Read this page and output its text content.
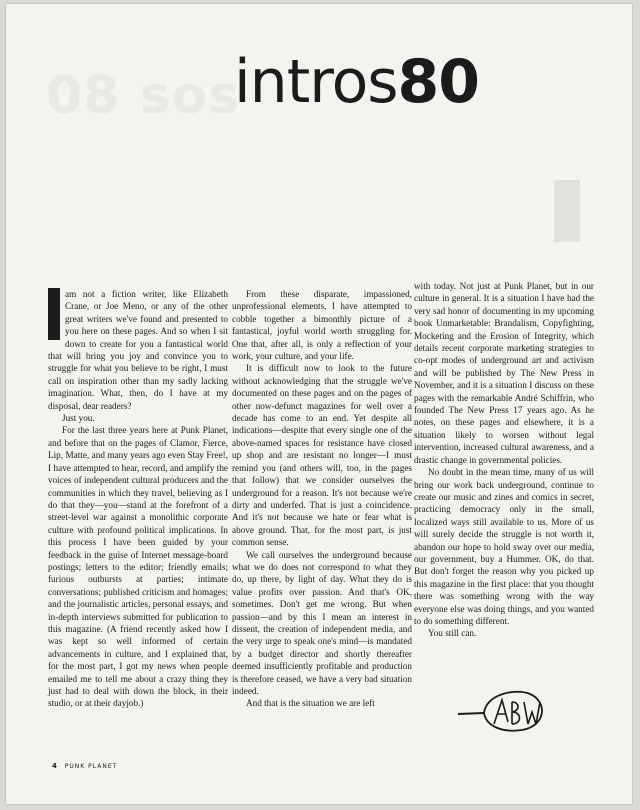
08 sos
intros80

am not a fiction writer, like Elizabeth Crane, or Joe Meno, or any of the other great writers we've found and presented to you here on these pages. And so when I sit down to create for you a fantastical world that will bring you joy and convince you to struggle for what you believe to be right, I must call on inspiration other than my sadly lacking imagination. What, then, do I have at my disposal, dear readers?

Just you.

For the last three years here at Punk Planet, and before that on the pages of Clamor, Fierce, Lip, Matte, and many years ago even Stay Free!, I have attempted to hear, record, and amplify the voices of independent cultural producers and the communities in which they travel, believing as I do that they—you—stand at the forefront of a street-level war against a monolithic corporate culture with profound political implications. In this process I have been guided by your feedback in the guise of Internet message-board postings; letters to the editor; friendly emails; furious outbursts at parties; intimate conversations; published criticism and homages; and the journalistic articles, personal essays, and in-depth interviews submitted for publication to this magazine. (A friend recently asked how I was kept so well informed of certain advancements in culture, and I explained that, for the most part, I got my news when people emailed me to tell me about a crazy thing they just had to deal with down the block, in their studio, or at their dayjob.)

From these disparate, impassioned, unprofessional elements, I have attempted to cobble together a bimonthly picture of a fantastical, joyful world worth struggling for. One that, after all, is only a reflection of your work, your culture, and your life.

It is difficult now to look to the future without acknowledging that the struggle we've documented on these pages and on the pages of other now-defunct magazines for well over a decade has come to an end. Yet despite all indications—despite that every single one of the above-named spaces for resistance have closed up shop and are resistant no longer—I must remind you (and others will, too, in the pages that follow) that we consider ourselves the underground for a reason. It's not because we're dirty and underfed. That is just a coincidence. And it's not because we hate or fear what is above ground. That, for the most part, is just common sense.

We call ourselves the underground because what we do does not correspond to what they do, up there, by light of day. What they do is value profits over passion. And that's OK, sometimes. Don't get me wrong. But when passion—and by this I mean an interest in dissent, the creation of independent media, and the very urge to speak one's mind—is mandated by a budget director and shortly thereafter deemed insufficiently profitable and production is therefore ceased, we have a very bad situation indeed.

And that is the situation we are left

with today. Not just at Punk Planet, but in our culture in general. It is a situation I have had the very sad honor of documenting in my upcoming book Unmarketable: Brandalism, Copyfighting, Mocketing and the Erosion of Integrity, which details recent corporate marketing strategies to co-opt modes of underground art and activism and will be published by The New Press in November, and it is a situation I discuss on these pages with the remarkable André Schiffrin, who founded The New Press 17 years ago. As he notes, on these pages and elsewhere, it is a situation likely to worsen without legal intervention, increased cultural awareness, and a drastic change in governmental policies.

No doubt in the mean time, many of us will bring our work back underground, continue to create our music and zines and comics in secret, practicing democracy only in the small, localized ways still available to us. More of us will surely decide the struggle is not worth it, abandon our hope to hold sway over our media, our government, buy a Hummer. OK, do that. But don't forget the reason why you picked up this magazine in the first place: that you thought there was something wrong with the way everyone else was doing things, and you wanted to do something different.

You still can.

4 PUNK PLANET
